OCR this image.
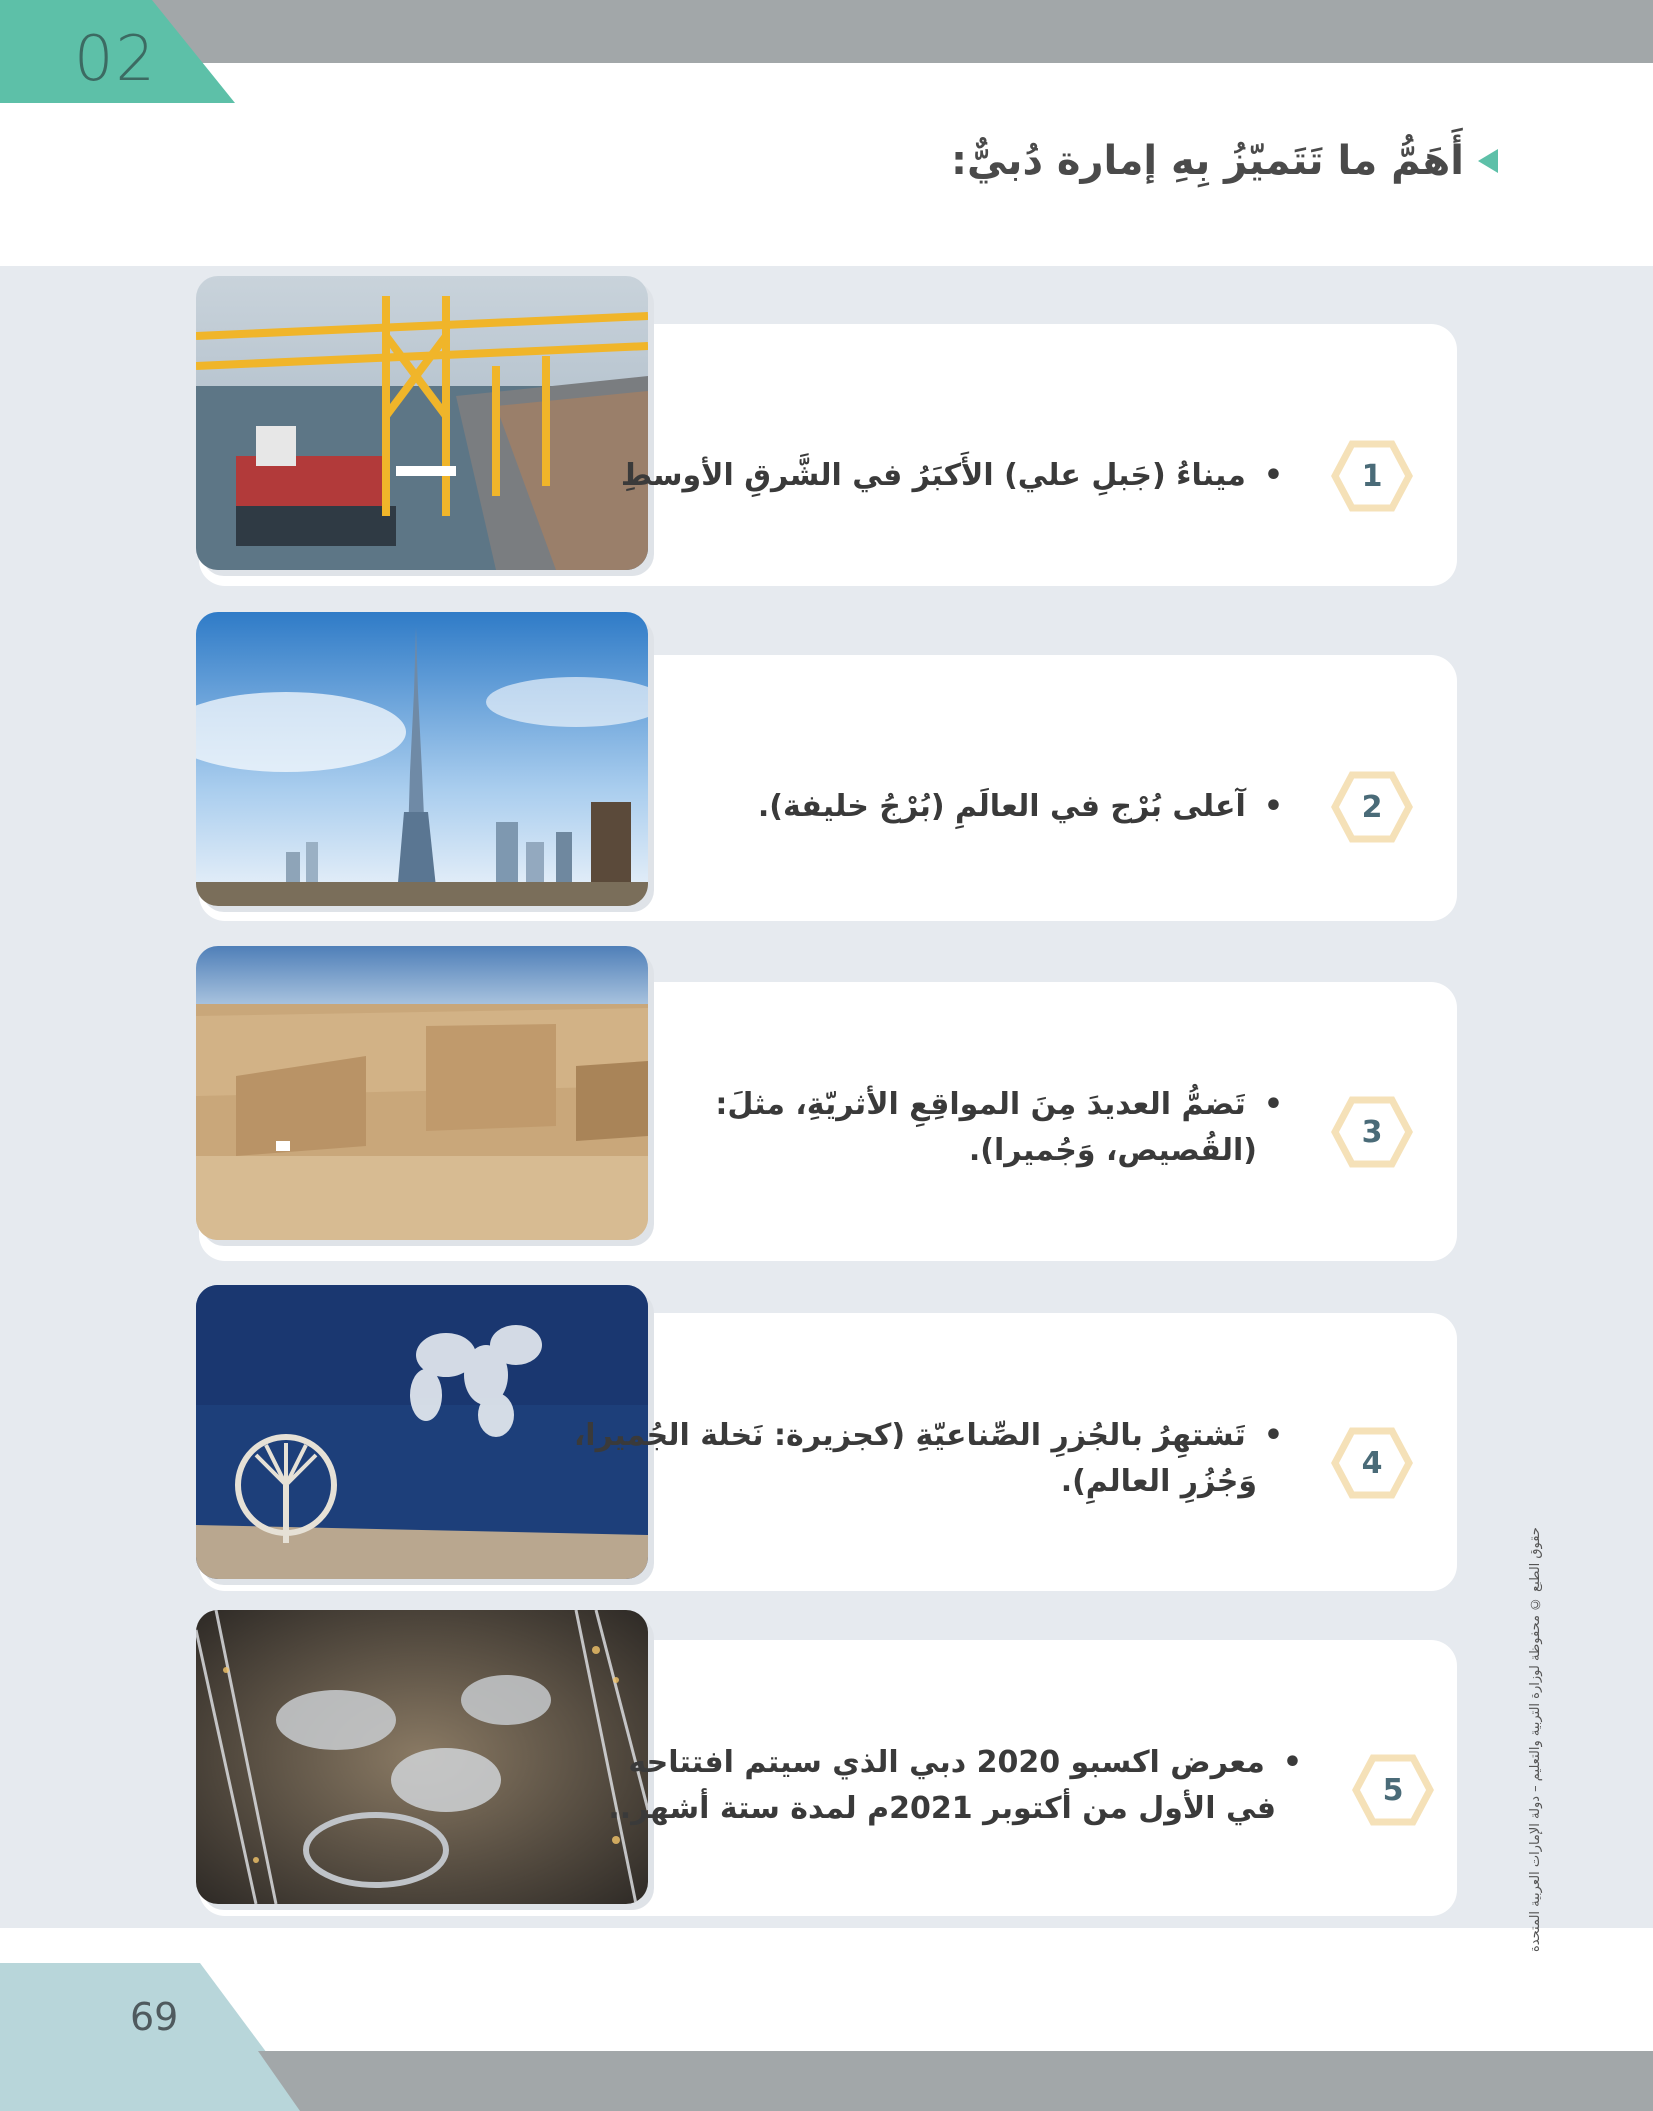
02
أَهَمُّ ما تَتَميّزُ بِهِ إمارة دُبيٌّ:
1
•ميناءُ (جَبلِ علي) الأَكبَرُ في الشَّرقِ الأوسطِ
2
•آعلى بُرْج في العالَمِ (بُرْجُ خليفة).
3
•تَضمُّ العديدَ مِنَ المواقِعِ الأثريّةِ، مثلَ:
(القُصيص، وَجُميرا).
4
•تَشتهِرُ بالجُزرِ الصِّناعيّةِ (كجزيرة: نَخلة الجُميرا،
وَجُزُرِ العالمِ).
5
•معرض اكسبو 2020 دبي الذي سيتم افتتاحه
في الأول من أكتوبر 2021م لمدة ستة أشهر..	حقوق الطبع © محفوظة لوزارة التربية والتعليم – دولة الإمارات العربية المتحدة
69
